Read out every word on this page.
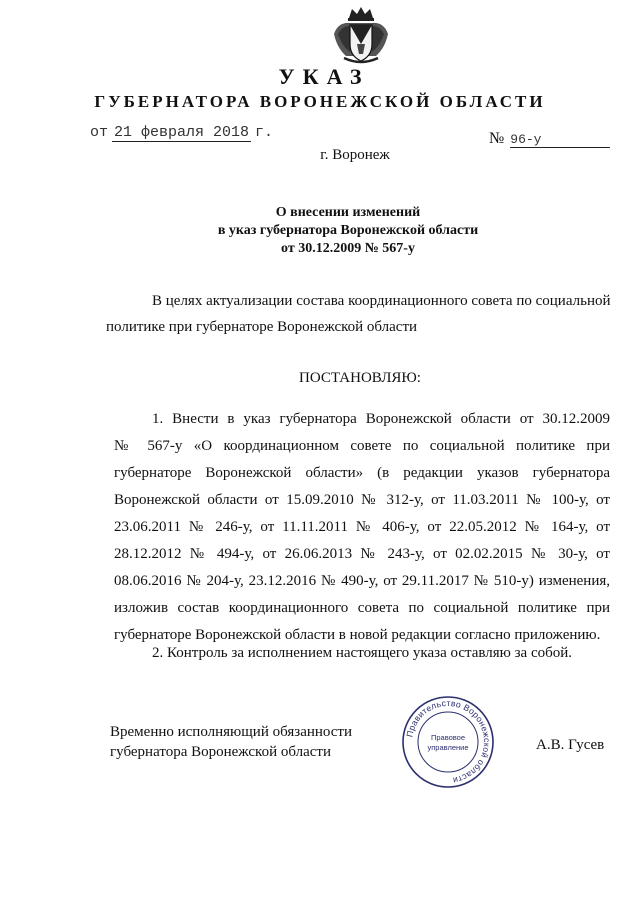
УКАЗ
ГУБЕРНАТОРА ВОРОНЕЖСКОЙ ОБЛАСТИ
от 21 февраля 2018 г.	№ 96-у
г. Воронеж
О внесении изменений
в указ губернатора Воронежской области
от 30.12.2009 № 567-у
В целях актуализации состава координационного совета по социальной
политике при губернаторе Воронежской области
ПОСТАНОВЛЯЮ:
1. Внести в указ губернатора Воронежской области от 30.12.2009
№ 567-у «О координационном совете по социальной политике при
губернаторе Воронежской области» (в редакции указов губернатора
Воронежской области от 15.09.2010 № 312-у, от 11.03.2011 № 100-у, от
23.06.2011 № 246-у, от 11.11.2011 № 406-у, от 22.05.2012 № 164-у, от
28.12.2012 № 494-у, от 26.06.2013 № 243-у, от 02.02.2015 № 30-у, от
08.06.2016 № 204-у, 23.12.2016 № 490-у, от 29.11.2017 № 510-у) изменения,
изложив состав координационного совета по социальной политике при
губернаторе Воронежской области в новой редакции согласно приложению.
2. Контроль за исполнением настоящего указа оставляю за собой.
Временно исполняющий обязанности
губернатора Воронежской области
Правительство Воронежской области
Правовое
управление	А.В. Гусев
